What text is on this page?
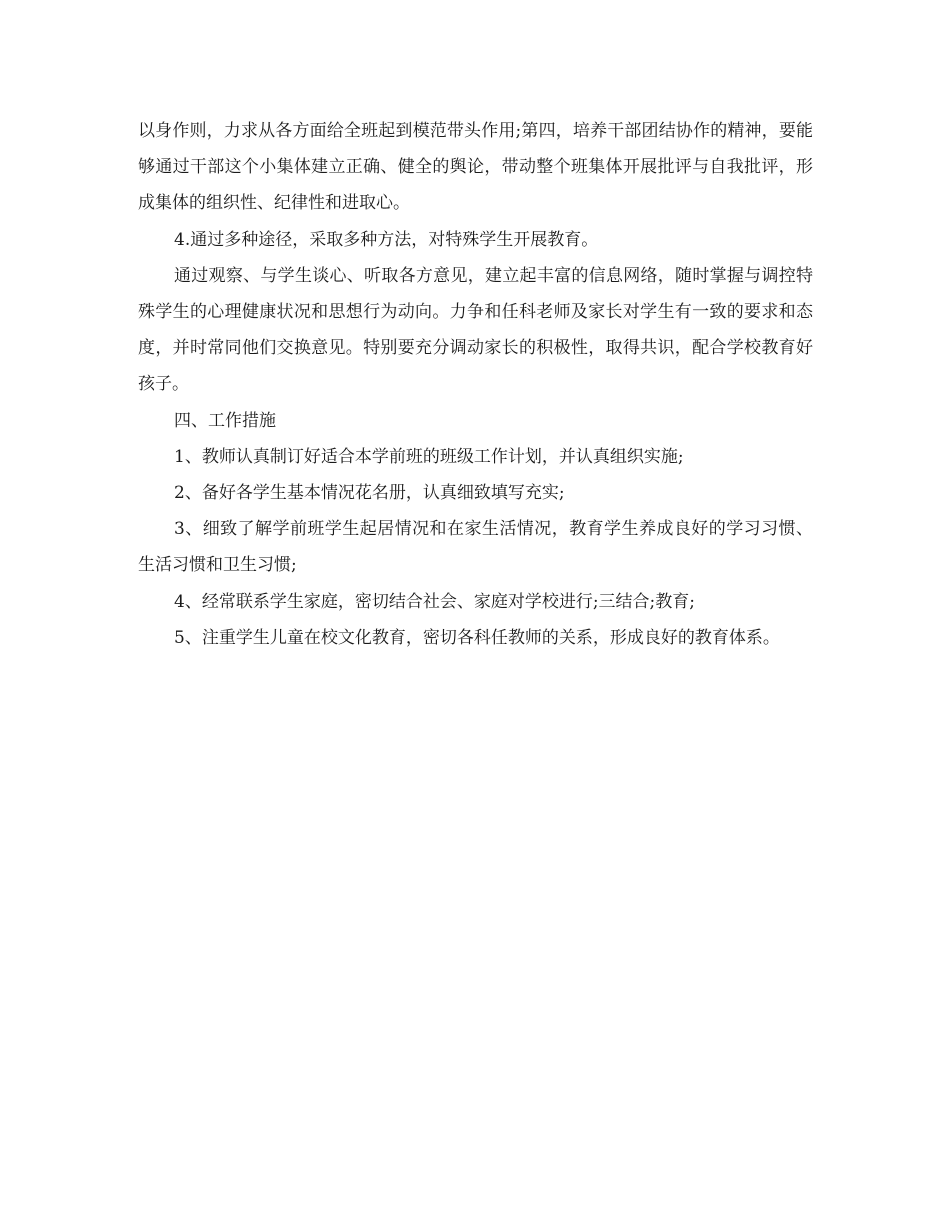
以身作则，力求从各方面给全班起到模范带头作用;第四，培养干部团结协作的精神，要能够通过干部这个小集体建立正确、健全的舆论，带动整个班集体开展批评与自我批评，形成集体的组织性、纪律性和进取心。

4.通过多种途径，采取多种方法，对特殊学生开展教育。

通过观察、与学生谈心、听取各方意见，建立起丰富的信息网络，随时掌握与调控特殊学生的心理健康状况和思想行为动向。力争和任科老师及家长对学生有一致的要求和态度，并时常同他们交换意见。特别要充分调动家长的积极性，取得共识，配合学校教育好孩子。

四、工作措施

1、教师认真制订好适合本学前班的班级工作计划，并认真组织实施;

2、备好各学生基本情况花名册，认真细致填写充实;

3、细致了解学前班学生起居情况和在家生活情况，教育学生养成良好的学习习惯、生活习惯和卫生习惯;

4、经常联系学生家庭，密切结合社会、家庭对学校进行;三结合;教育;

5、注重学生儿童在校文化教育，密切各科任教师的关系，形成良好的教育体系。
